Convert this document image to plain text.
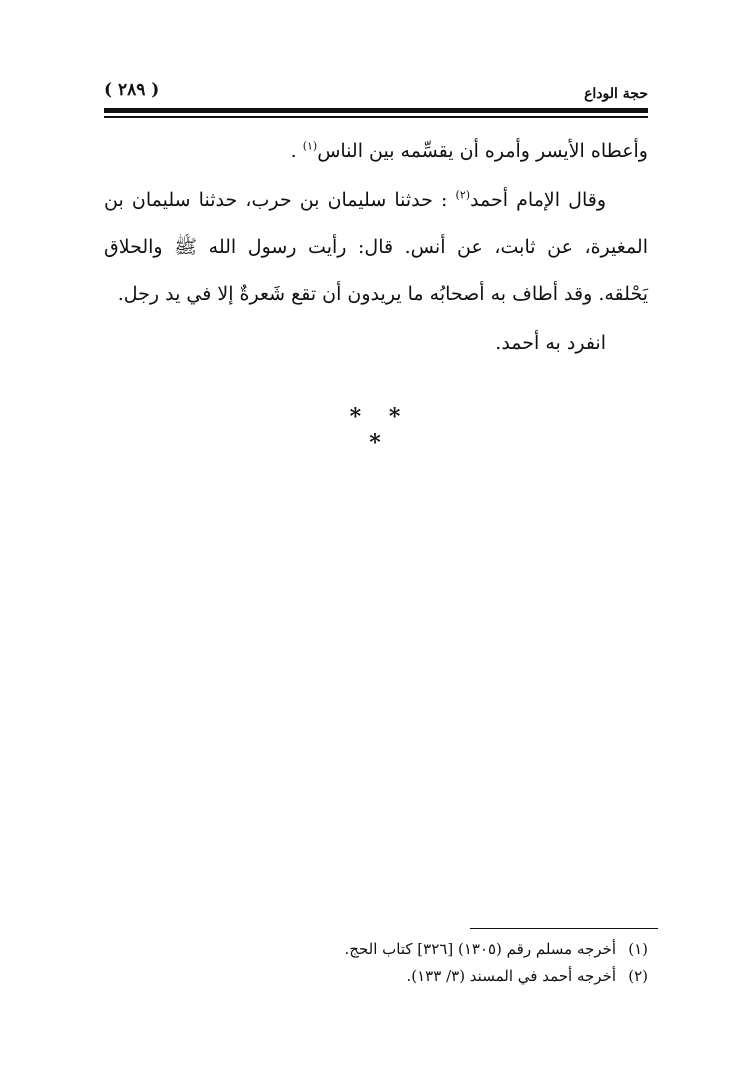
حجة الوداع
( ٢٨٩ )

وأعطاه الأيسر وأمره أن يقسِّمه بين الناس$^{(١)}$ .

وقال الإمام أحمد$^{(٢)}$ : حدثنا سليمان بن حرب، حدثنا سليمان بن المغيرة، عن ثابت، عن أنس. قال: رأيت رسول الله ﷺ والحلاق يَحْلقه. وقد أطاف به أصحابُه ما يريدون أن تقع شَعرةٌ إلا في يد رجل.

انفرد به أحمد.

* * *
(١)أخرجه مسلم رقم (١٣٠٥) [٣٢٦] كتاب الحج.
(٢)أخرجه أحمد في المسند (٣/ ١٣٣).
